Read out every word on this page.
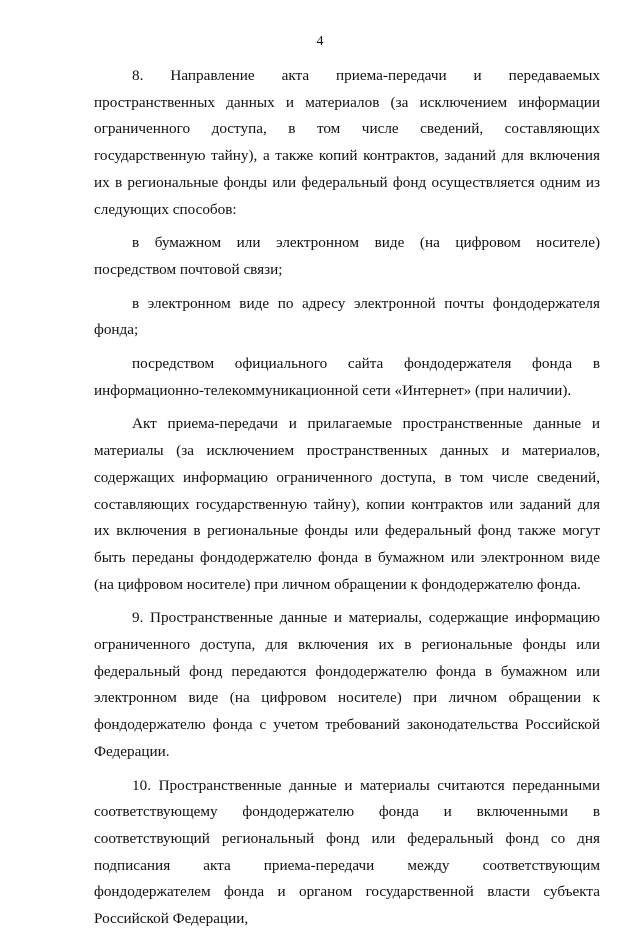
4

8. Направление акта приема-передачи и передаваемых пространственных данных и материалов (за исключением информации ограниченного доступа, в том числе сведений, составляющих государственную тайну), а также копий контрактов, заданий для включения их в региональные фонды или федеральный фонд осуществляется одним из следующих способов:

в бумажном или электронном виде (на цифровом носителе) посредством почтовой связи;

в электронном виде по адресу электронной почты фондодержателя фонда;

посредством официального сайта фондодержателя фонда в информационно-телекоммуникационной сети «Интернет» (при наличии).

Акт приема-передачи и прилагаемые пространственные данные и материалы (за исключением пространственных данных и материалов, содержащих информацию ограниченного доступа, в том числе сведений, составляющих государственную тайну), копии контрактов или заданий для их включения в региональные фонды или федеральный фонд также могут быть переданы фондодержателю фонда в бумажном или электронном виде (на цифровом носителе) при личном обращении к фондодержателю фонда.

9. Пространственные данные и материалы, содержащие информацию ограниченного доступа, для включения их в региональные фонды или федеральный фонд передаются фондодержателю фонда в бумажном или электронном виде (на цифровом носителе) при личном обращении к фондодержателю фонда с учетом требований законодательства Российской Федерации.

10. Пространственные данные и материалы считаются переданными соответствующему фондодержателю фонда и включенными в соответствующий региональный фонд или федеральный фонд со дня подписания акта приема-передачи между соответствующим фондодержателем фонда и органом государственной власти субъекта Российской Федерации,
